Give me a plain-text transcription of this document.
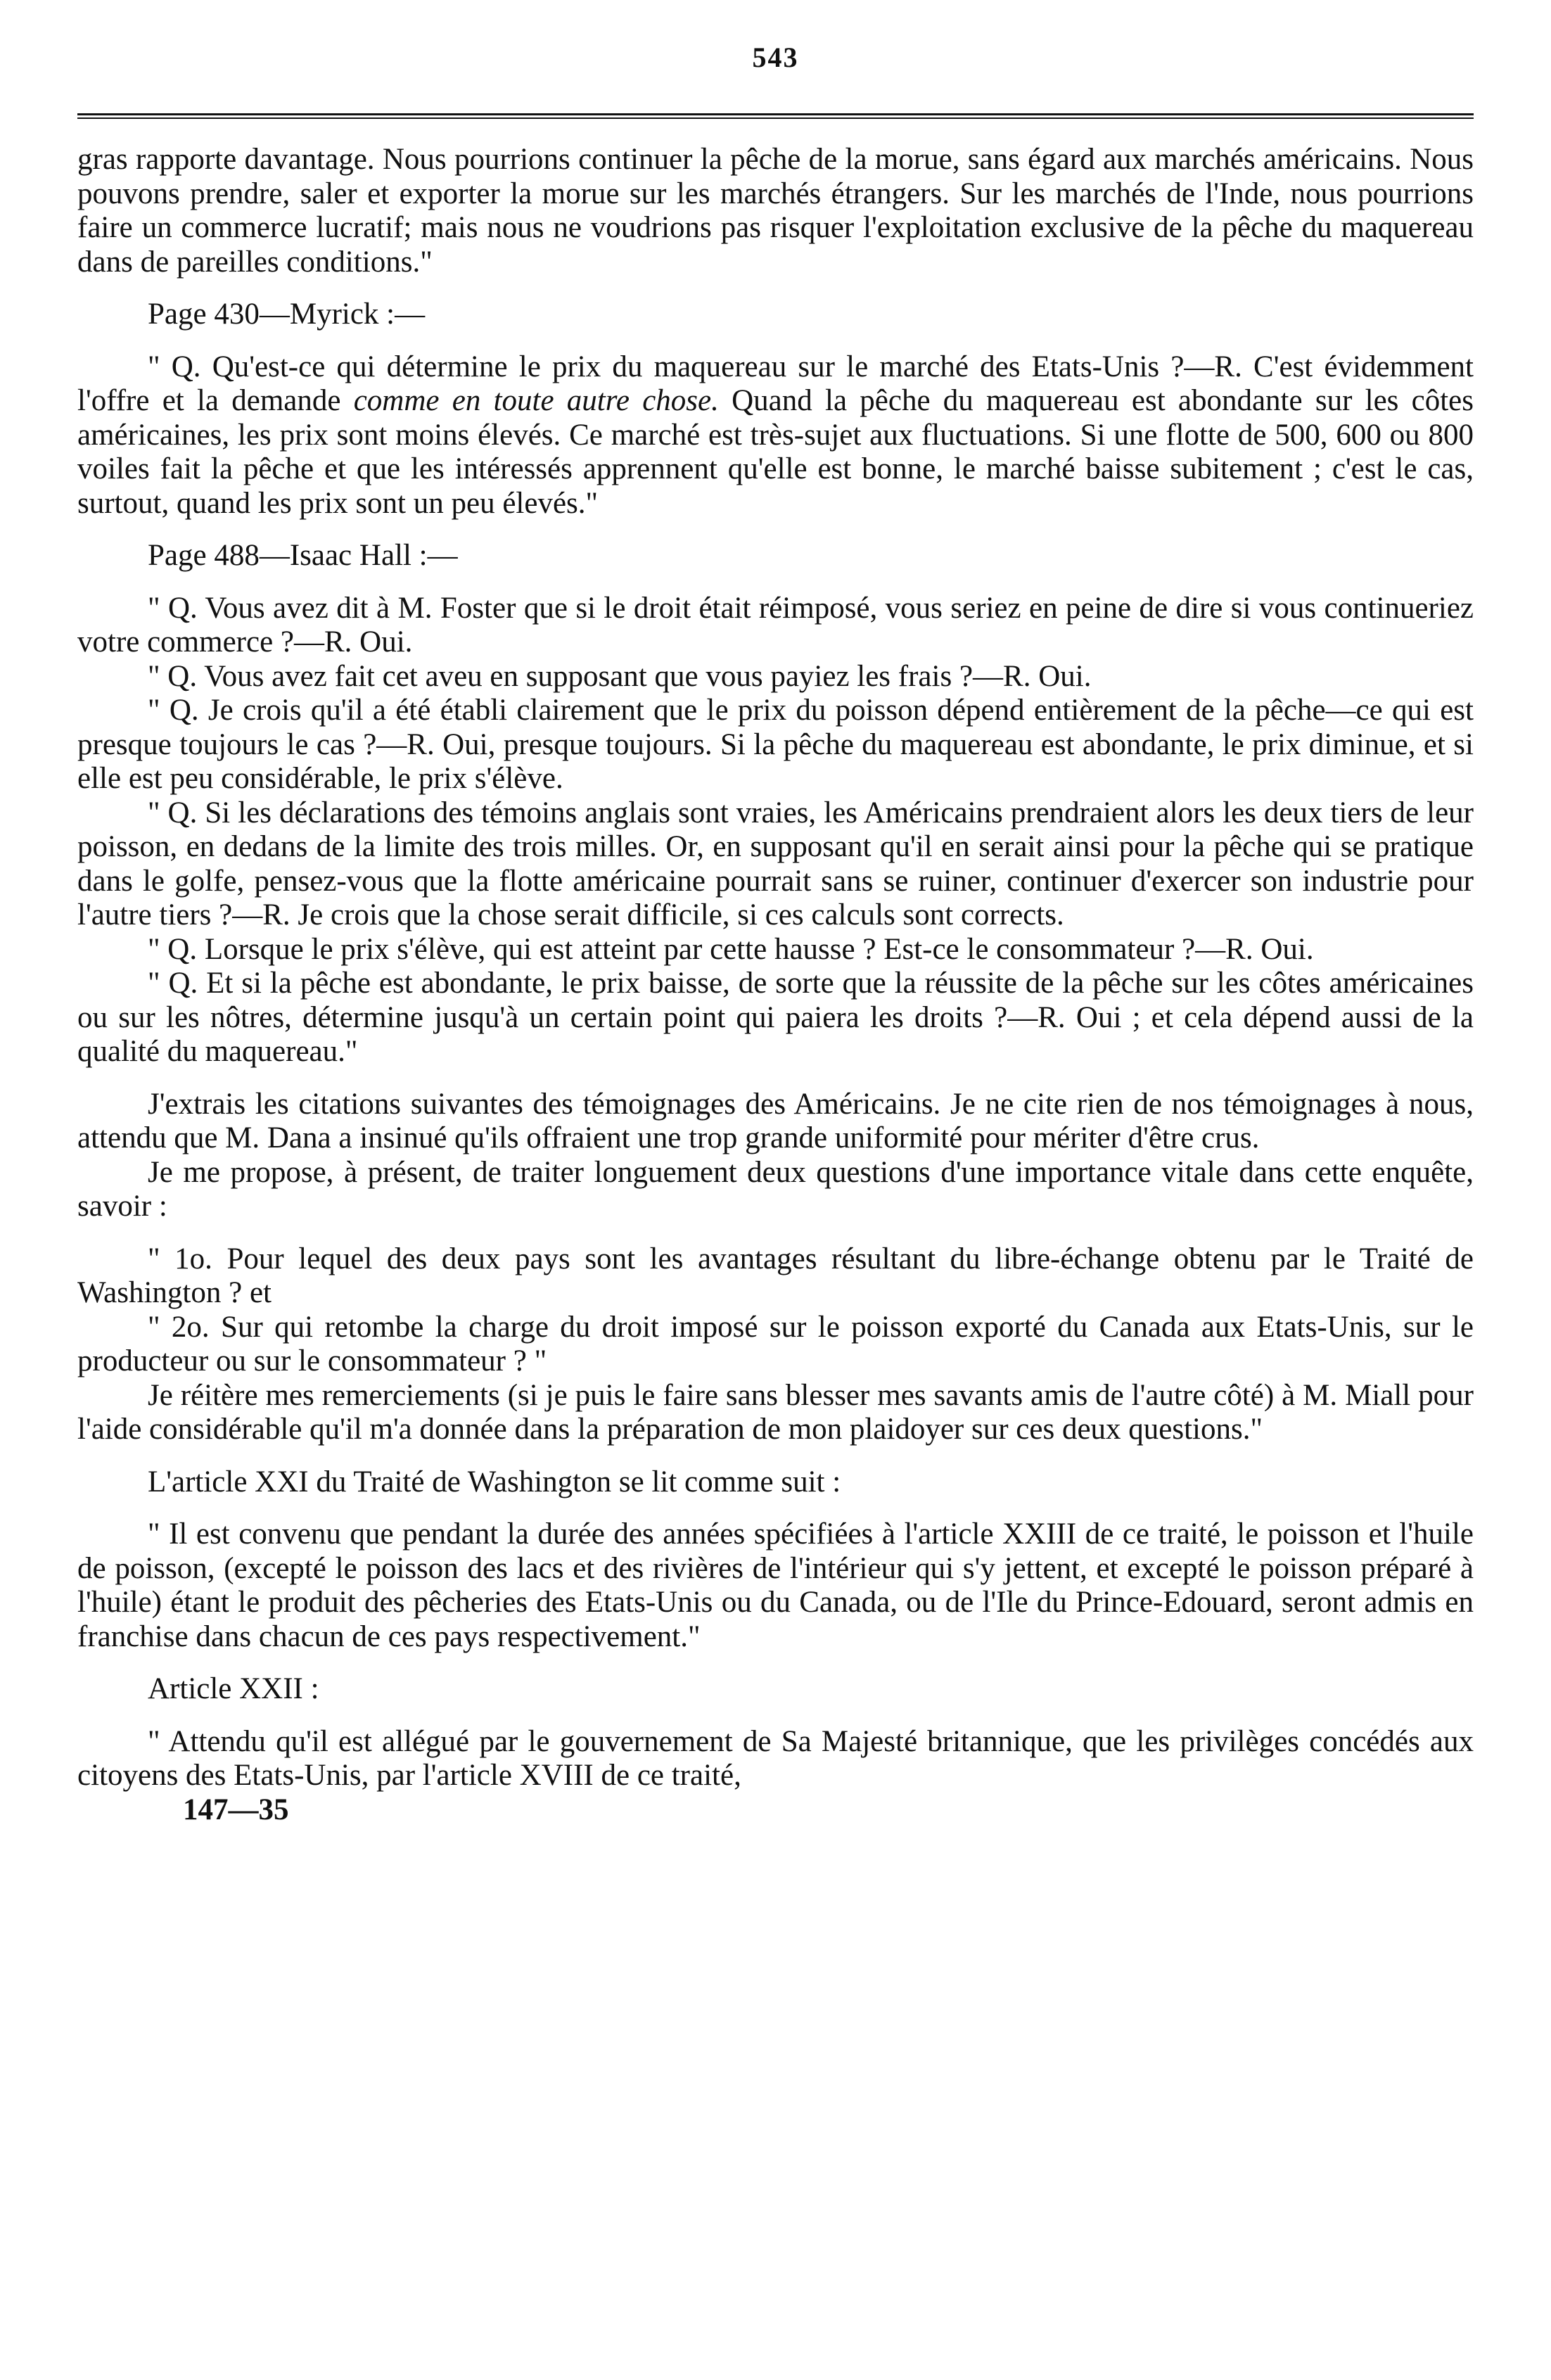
543

gras rapporte davantage. Nous pourrions continuer la pêche de la morue, sans égard aux marchés américains. Nous pouvons prendre, saler et exporter la morue sur les marchés étrangers. Sur les marchés de l'Inde, nous pourrions faire un commerce lucratif; mais nous ne voudrions pas risquer l'exploitation exclusive de la pêche du maquereau dans de pareilles conditions."

Page 430—Myrick :—

" Q. Qu'est-ce qui détermine le prix du maquereau sur le marché des Etats-Unis ?—R. C'est évidemment l'offre et la demande comme en toute autre chose. Quand la pêche du maquereau est abondante sur les côtes américaines, les prix sont moins élevés. Ce marché est très-sujet aux fluctuations. Si une flotte de 500, 600 ou 800 voiles fait la pêche et que les intéressés apprennent qu'elle est bonne, le marché baisse subitement ; c'est le cas, surtout, quand les prix sont un peu élevés."

Page 488—Isaac Hall :—

" Q. Vous avez dit à M. Foster que si le droit était réimposé, vous seriez en peine de dire si vous continueriez votre commerce ?—R. Oui.

" Q. Vous avez fait cet aveu en supposant que vous payiez les frais ?—R. Oui.

" Q. Je crois qu'il a été établi clairement que le prix du poisson dépend entièrement de la pêche—ce qui est presque toujours le cas ?—R. Oui, presque toujours. Si la pêche du maquereau est abondante, le prix diminue, et si elle est peu considérable, le prix s'élève.

" Q. Si les déclarations des témoins anglais sont vraies, les Américains prendraient alors les deux tiers de leur poisson, en dedans de la limite des trois milles. Or, en supposant qu'il en serait ainsi pour la pêche qui se pratique dans le golfe, pensez-vous que la flotte américaine pourrait sans se ruiner, continuer d'exercer son industrie pour l'autre tiers ?—R. Je crois que la chose serait difficile, si ces calculs sont corrects.

" Q. Lorsque le prix s'élève, qui est atteint par cette hausse ? Est-ce le consommateur ?—R. Oui.

" Q. Et si la pêche est abondante, le prix baisse, de sorte que la réussite de la pêche sur les côtes américaines ou sur les nôtres, détermine jusqu'à un certain point qui paiera les droits ?—R. Oui ; et cela dépend aussi de la qualité du maquereau."

J'extrais les citations suivantes des témoignages des Américains. Je ne cite rien de nos témoignages à nous, attendu que M. Dana a insinué qu'ils offraient une trop grande uniformité pour mériter d'être crus.

Je me propose, à présent, de traiter longuement deux questions d'une importance vitale dans cette enquête, savoir :

" 1o. Pour lequel des deux pays sont les avantages résultant du libre-échange obtenu par le Traité de Washington ? et

" 2o. Sur qui retombe la charge du droit imposé sur le poisson exporté du Canada aux Etats-Unis, sur le producteur ou sur le consommateur ? "

Je réitère mes remerciements (si je puis le faire sans blesser mes savants amis de l'autre côté) à M. Miall pour l'aide considérable qu'il m'a donnée dans la préparation de mon plaidoyer sur ces deux questions."

L'article XXI du Traité de Washington se lit comme suit :

" Il est convenu que pendant la durée des années spécifiées à l'article XXIII de ce traité, le poisson et l'huile de poisson, (excepté le poisson des lacs et des rivières de l'intérieur qui s'y jettent, et excepté le poisson préparé à l'huile) étant le produit des pêcheries des Etats-Unis ou du Canada, ou de l'Ile du Prince-Edouard, seront admis en franchise dans chacun de ces pays respectivement."

Article XXII :

" Attendu qu'il est allégué par le gouvernement de Sa Majesté britannique, que les privilèges concédés aux citoyens des Etats-Unis, par l'article XVIII de ce traité,

147—35
